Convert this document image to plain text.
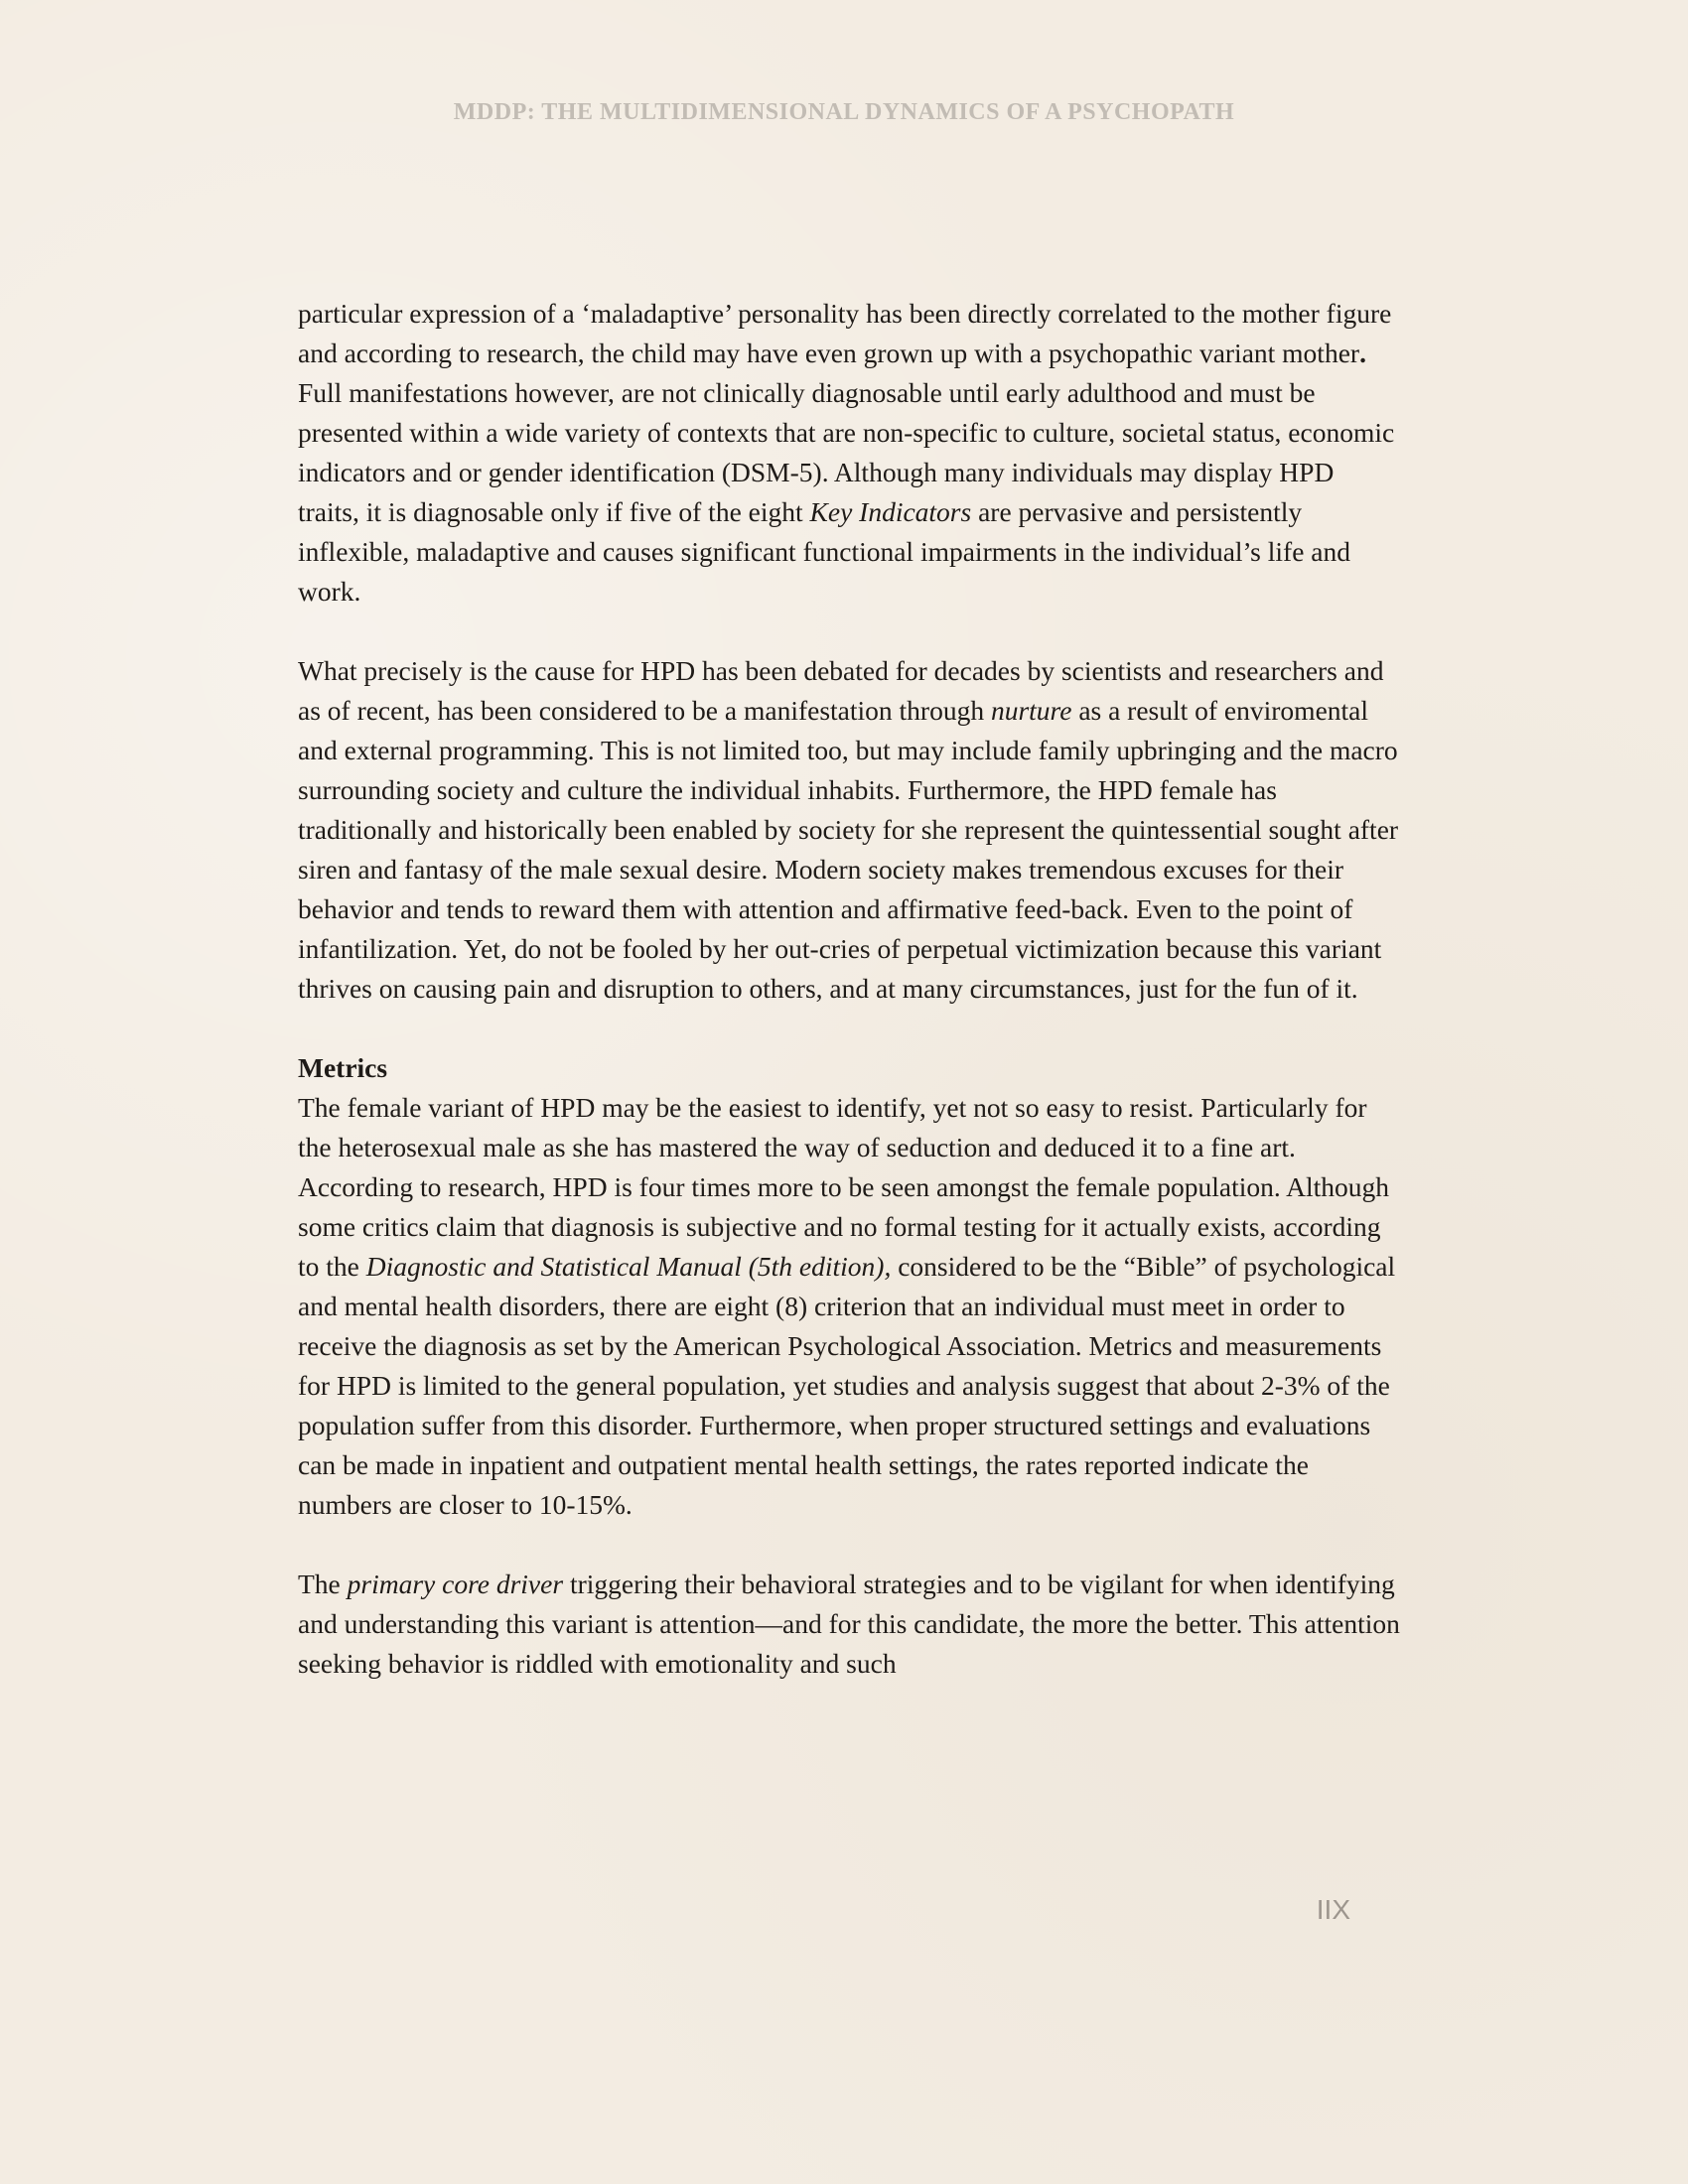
MDDP: THE MULTIDIMENSIONAL DYNAMICS OF A PSYCHOPATH

particular expression of a ‘maladaptive’ personality has been directly correlated to the mother figure and according to research, the child may have even grown up with a psychopathic variant mother. Full manifestations however, are not clinically diagnosable until early adulthood and must be presented within a wide variety of contexts that are non-specific to culture, societal status, economic indicators and or gender identification (DSM-5). Although many individuals may display HPD traits, it is diagnosable only if five of the eight Key Indicators are pervasive and persistently inflexible, maladaptive and causes significant functional impairments in the individual’s life and work.

What precisely is the cause for HPD has been debated for decades by scientists and researchers and as of recent, has been considered to be a manifestation through nurture as a result of enviromental and external programming. This is not limited too, but may include family upbringing and the macro surrounding society and culture the individual inhabits. Furthermore, the HPD female has traditionally and historically been enabled by society for she represent the quintessential sought after siren and fantasy of the male sexual desire. Modern society makes tremendous excuses for their behavior and tends to reward them with attention and affirmative feed-back. Even to the point of infantilization. Yet, do not be fooled by her out-cries of perpetual victimization because this variant thrives on causing pain and disruption to others, and at many circumstances, just for the fun of it.

Metrics

The female variant of HPD may be the easiest to identify, yet not so easy to resist. Particularly for the heterosexual male as she has mastered the way of seduction and deduced it to a fine art. According to research, HPD is four times more to be seen amongst the female population. Although some critics claim that diagnosis is subjective and no formal testing for it actually exists, according to the Diagnostic and Statistical Manual (5th edition), considered to be the “Bible” of psychological and mental health disorders, there are eight (8) criterion that an individual must meet in order to receive the diagnosis as set by the American Psychological Association. Metrics and measurements for HPD is limited to the general population, yet studies and analysis suggest that about 2-3% of the population suffer from this disorder. Furthermore, when proper structured settings and evaluations can be made in inpatient and outpatient mental health settings, the rates reported indicate the numbers are closer to 10-15%.

The primary core driver triggering their behavioral strategies and to be vigilant for when identifying and understanding this variant is attention—and for this candidate, the more the better. This attention seeking behavior is riddled with emotionality and such

IIX
